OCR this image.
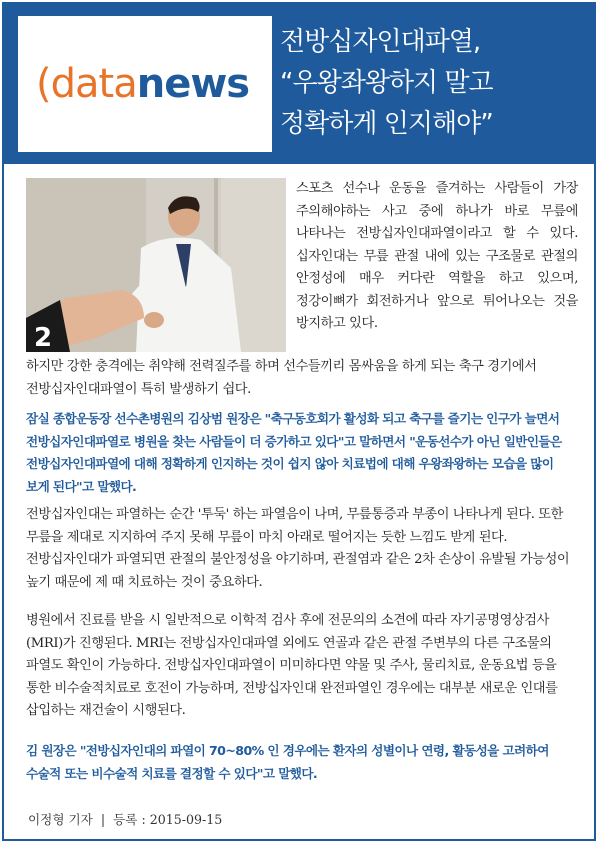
(datanews
전방십자인대파열,
“우왕좌왕하지 말고
정확하게 인지해야”
2
스포츠 선수나 운동을 즐겨하는 사람들이 가장 주의해야하는 사고 중에 하나가 바로 무릎에 나타나는 전방십자인대파열이라고 할 수 있다. 십자인대는 무릎 관절 내에 있는 구조물로 관절의 안정성에 매우 커다란 역할을 하고 있으며, 정강이뼈가 회전하거나 앞으로 튀어나오는 것을 방지하고 있다.
하지만 강한 충격에는 취약해 전력질주를 하며 선수들끼리 몸싸움을 하게 되는 축구 경기에서 전방십자인대파열이 특히 발생하기 쉽다.
잠실 종합운동장 선수촌병원의 김상범 원장은 "축구동호회가 활성화 되고 축구를 즐기는 인구가 늘면서 전방십자인대파열로 병원을 찾는 사람들이 더 증가하고 있다"고 말하면서 "운동선수가 아닌 일반인들은 전방십자인대파열에 대해 정확하게 인지하는 것이 쉽지 않아 치료법에 대해 우왕좌왕하는 모습을 많이 보게 된다"고 말했다.
전방십자인대는 파열하는 순간 '투둑' 하는 파열음이 나며, 무릎통증과 부종이 나타나게 된다. 또한 무릎을 제대로 지지하여 주지 못해 무릎이 마치 아래로 떨어지는 듯한 느낌도 받게 된다. 전방십자인대가 파열되면 관절의 불안정성을 야기하며, 관절염과 같은 2차 손상이 유발될 가능성이 높기 때문에 제 때 치료하는 것이 중요하다.
병원에서 진료를 받을 시 일반적으로 이학적 검사 후에 전문의의 소견에 따라 자기공명영상검사(MRI)가 진행된다. MRI는 전방십자인대파열 외에도 연골과 같은 관절 주변부의 다른 구조물의 파열도 확인이 가능하다. 전방십자인대파열이 미미하다면 약물 및 주사, 물리치료, 운동요법 등을 통한 비수술적치료로 호전이 가능하며, 전방십자인대 완전파열인 경우에는 대부분 새로운 인대를 삽입하는 재건술이 시행된다.
김 원장은 "전방십자인대의 파열이 70~80% 인 경우에는 환자의 성별이나 연령, 활동성을 고려하여 수술적 또는 비수술적 치료를 결정할 수 있다"고 말했다.
이정형 기자 | 등록 : 2015-09-15
